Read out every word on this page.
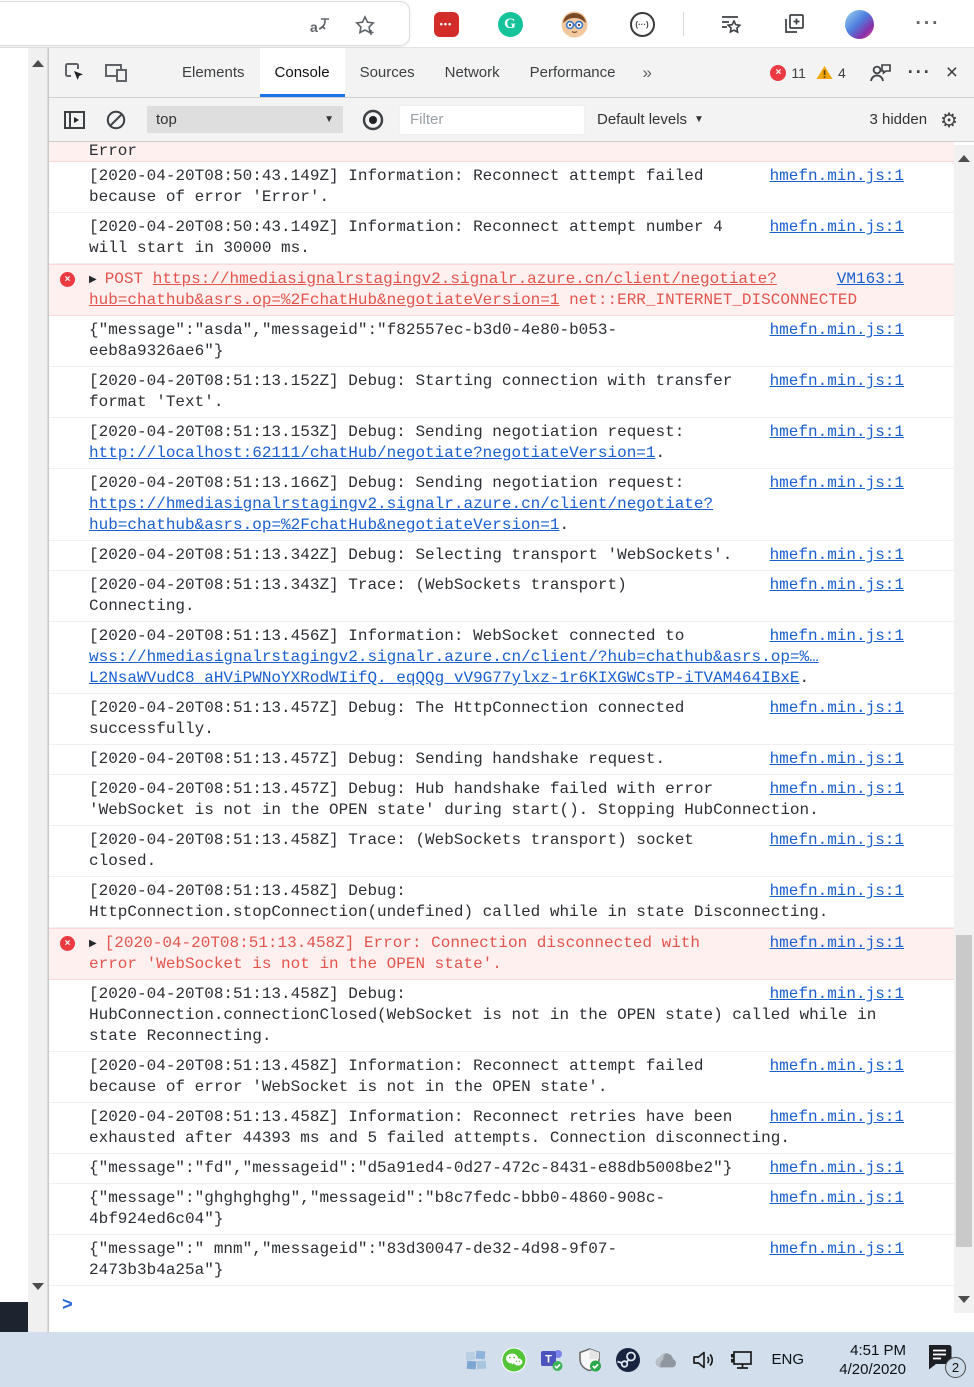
a	•••	G	(···)	···
Elements	Console	Sources	Network	Performance	»	× 11 4	··· ×
top	▼
Filter	Default levels ▼	3 hidden ⚙
Error
hmefn.min.js:1
[2020-04-20T08:50:43.149Z] Information: Reconnect attempt failed because of error 'Error'.
hmefn.min.js:1
[2020-04-20T08:50:43.149Z] Information: Reconnect attempt number 4 will start in 30000 ms.
×	VM163:1
▶ POST https://hmediasignalrstagingv2.signalr.azure.cn/client/negotiate?hub=chathub&asrs.op=%2FchatHub&negotiateVersion=1 net::ERR_INTERNET_DISCONNECTED
hmefn.min.js:1
{"message":"asda","messageid":"f82557ec-b3d0-4e80-b053-eeb8a9326ae6"}
hmefn.min.js:1
[2020-04-20T08:51:13.152Z] Debug: Starting connection with transfer format 'Text'.
hmefn.min.js:1
[2020-04-20T08:51:13.153Z] Debug: Sending negotiation request: http://localhost:62111/chatHub/negotiate?negotiateVersion=1.
hmefn.min.js:1
[2020-04-20T08:51:13.166Z] Debug: Sending negotiation request: https://hmediasignalrstagingv2.signalr.azure.cn/client/negotiate?hub=chathub&asrs.op=%2FchatHub&negotiateVersion=1.
hmefn.min.js:1
[2020-04-20T08:51:13.342Z] Debug: Selecting transport 'WebSockets'.
hmefn.min.js:1
[2020-04-20T08:51:13.343Z] Trace: (WebSockets transport) Connecting.
hmefn.min.js:1
[2020-04-20T08:51:13.456Z] Information: WebSocket connected to wss://hmediasignalrstagingv2.signalr.azure.cn/client/?hub=chathub&asrs.op=%…L2NsaWVudC8_aHViPWNoYXRodWIifQ._eqQQg_vV9G77ylxz-1r6KIXGWCsTP-iTVAM464IBxE.
hmefn.min.js:1
[2020-04-20T08:51:13.457Z] Debug: The HttpConnection connected successfully.
hmefn.min.js:1
[2020-04-20T08:51:13.457Z] Debug: Sending handshake request.
hmefn.min.js:1
[2020-04-20T08:51:13.457Z] Debug: Hub handshake failed with error 'WebSocket is not in the OPEN state' during start(). Stopping HubConnection.
hmefn.min.js:1
[2020-04-20T08:51:13.458Z] Trace: (WebSockets transport) socket closed.
hmefn.min.js:1
[2020-04-20T08:51:13.458Z] Debug: HttpConnection.stopConnection(undefined) called while in state Disconnecting.
×	hmefn.min.js:1
▶ [2020-04-20T08:51:13.458Z] Error: Connection disconnected with error 'WebSocket is not in the OPEN state'.
hmefn.min.js:1
[2020-04-20T08:51:13.458Z] Debug: HubConnection.connectionClosed(WebSocket is not in the OPEN state) called while in state Reconnecting.
hmefn.min.js:1
[2020-04-20T08:51:13.458Z] Information: Reconnect attempt failed because of error 'WebSocket is not in the OPEN state'.
hmefn.min.js:1
[2020-04-20T08:51:13.458Z] Information: Reconnect retries have been exhausted after 44393 ms and 5 failed attempts. Connection disconnecting.
hmefn.min.js:1
{"message":"fd","messageid":"d5a91ed4-0d27-472c-8431-e88db5008be2"}
hmefn.min.js:1
{"message":"ghghghghg","messageid":"b8c7fedc-bbb0-4860-908c-4bf924ed6c04"}
hmefn.min.js:1
{"message":" mnm","messageid":"83d30047-de32-4d98-9f07-2473b3b4a25a"}
>
T	ENG
4:51 PM
4/20/2020	2
